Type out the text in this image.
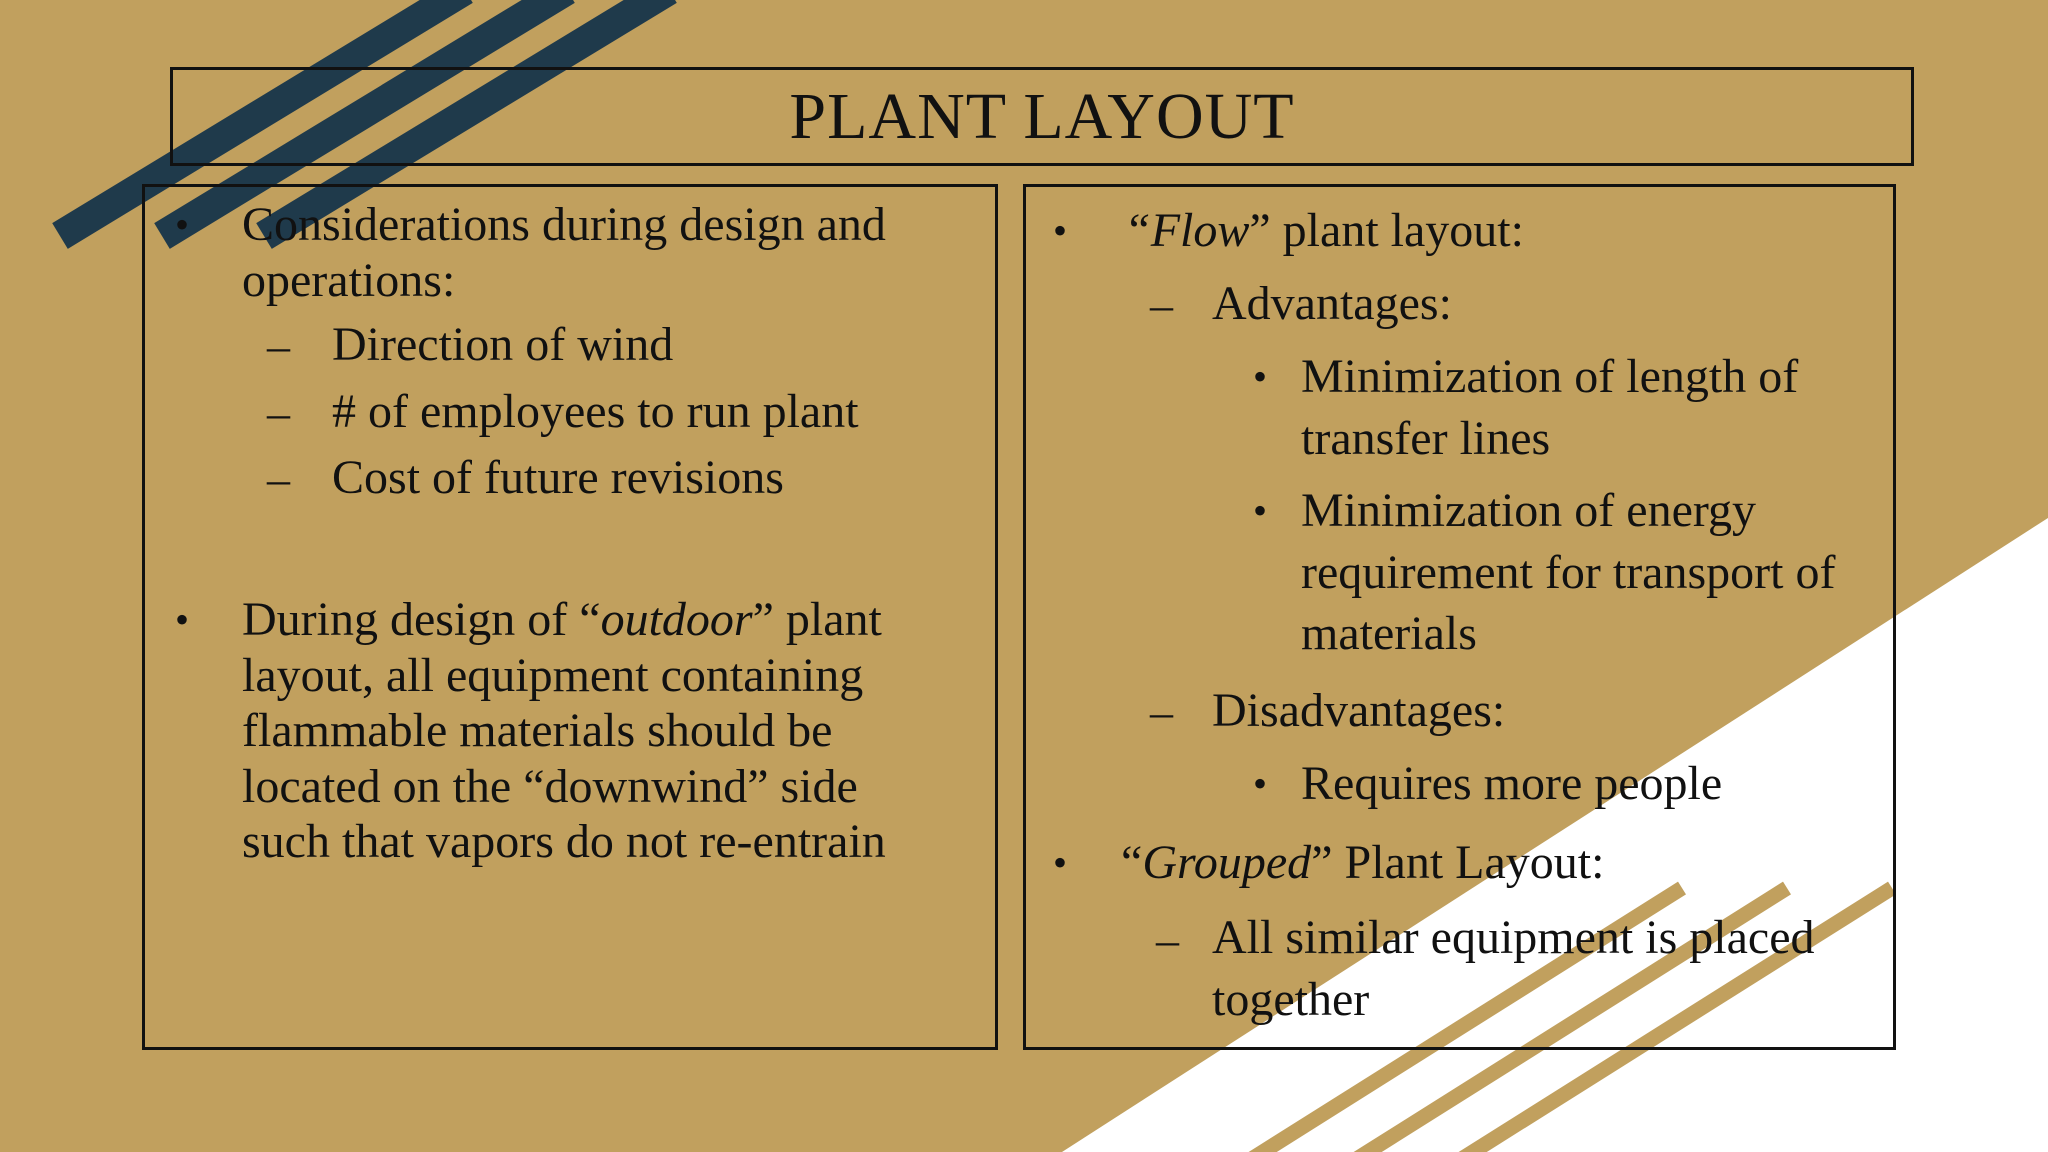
PLANT LAYOUT
• Considerations during design and
operations:
– Direction of wind
– # of employees to run plant
– Cost of future revisions
• During design of “outdoor” plant
layout, all equipment containing
flammable materials should be
located on the “downwind” side
such that vapors do not re-entrain
• “Flow” plant layout:
– Advantages:
• Minimization of length of
transfer lines
• Minimization of energy
requirement for transport of
materials
– Disadvantages:
• Requires more people
• “Grouped” Plant Layout:
– All similar equipment is placed
together
